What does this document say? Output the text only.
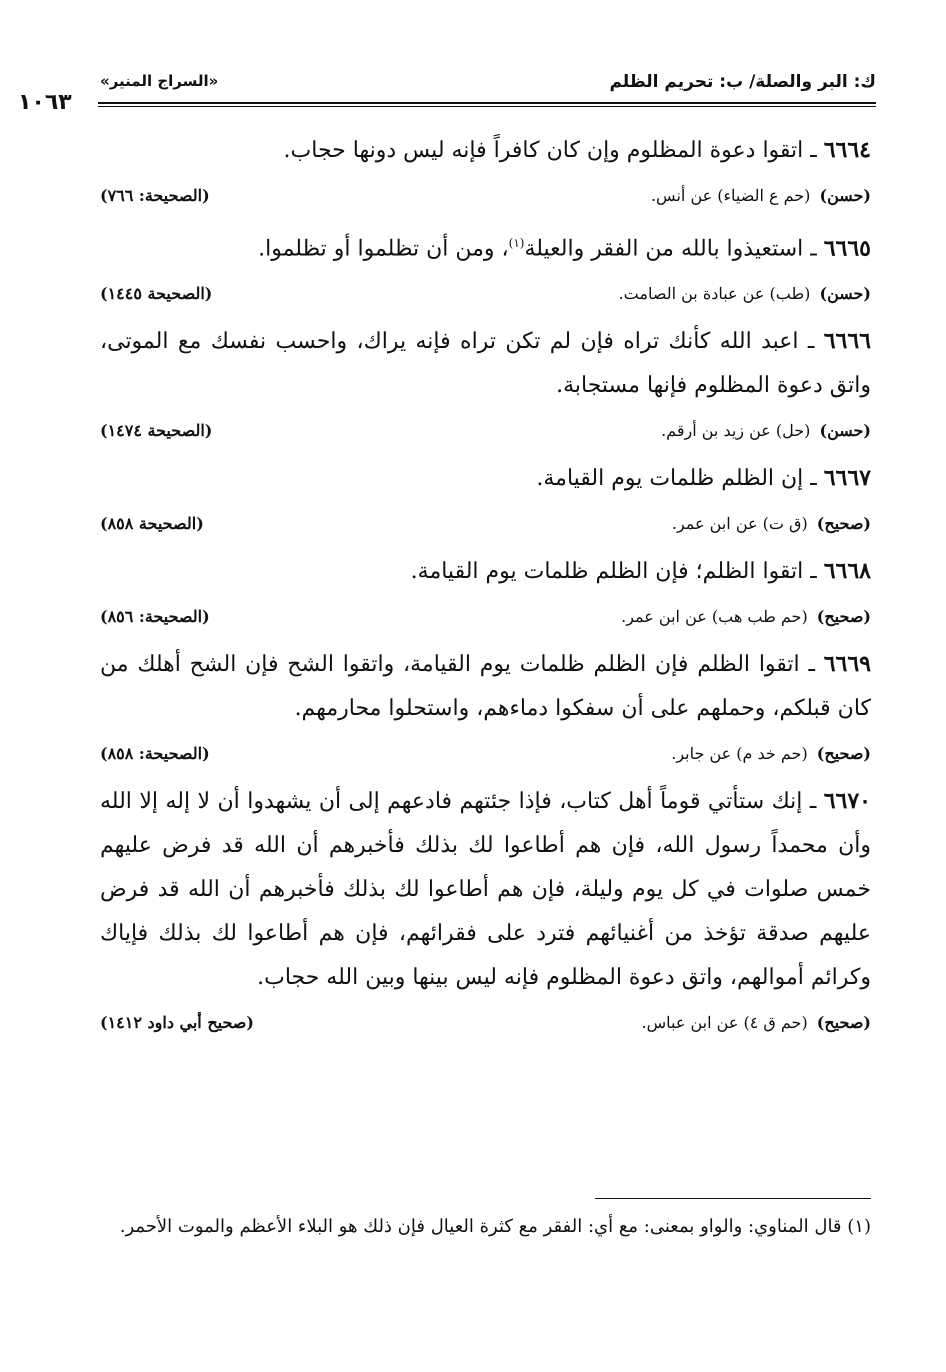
ك: البر والصلة/ ب: تحريم الظلم
«السراج المنير»
١٠٦٣

٦٦٦٤ ـ اتقوا دعوة المظلوم وإن كان كافراً فإنه ليس دونها حجاب.

(حسن) (حم ع الضياء) عن أنس.
(الصحيحة: ٧٦٦)

٦٦٦٥ ـ استعيذوا بالله من الفقر والعيلة$^{(١)}$، ومن أن تظلموا أو تظلموا.

(حسن) (طب) عن عبادة بن الصامت.
(الصحيحة ١٤٤٥)

٦٦٦٦ ـ اعبد الله كأنك تراه فإن لم تكن تراه فإنه يراك، واحسب نفسك مع الموتى، واتق دعوة المظلوم فإنها مستجابة.

(حسن) (حل) عن زيد بن أرقم.
(الصحيحة ١٤٧٤)

٦٦٦٧ ـ إن الظلم ظلمات يوم القيامة.

(صحيح) (ق ت) عن ابن عمر.
(الصحيحة ٨٥٨)

٦٦٦٨ ـ اتقوا الظلم؛ فإن الظلم ظلمات يوم القيامة.

(صحيح) (حم طب هب) عن ابن عمر.
(الصحيحة: ٨٥٦)

٦٦٦٩ ـ اتقوا الظلم فإن الظلم ظلمات يوم القيامة، واتقوا الشح فإن الشح أهلك من كان قبلكم، وحملهم على أن سفكوا دماءهم، واستحلوا محارمهم.

(صحيح) (حم خد م) عن جابر.
(الصحيحة: ٨٥٨)

٦٦٧٠ ـ إنك ستأتي قوماً أهل كتاب، فإذا جئتهم فادعهم إلى أن يشهدوا أن لا إله إلا الله وأن محمداً رسول الله، فإن هم أطاعوا لك بذلك فأخبرهم أن الله قد فرض عليهم خمس صلوات في كل يوم وليلة، فإن هم أطاعوا لك بذلك فأخبرهم أن الله قد فرض عليهم صدقة تؤخذ من أغنيائهم فترد على فقرائهم، فإن هم أطاعوا لك بذلك فإياك وكرائم أموالهم، واتق دعوة المظلوم فإنه ليس بينها وبين الله حجاب.

(صحيح) (حم ق ٤) عن ابن عباس.
(صحيح أبي داود ١٤١٢)
(١) قال المناوي: والواو بمعنى: مع أي: الفقر مع كثرة العيال فإن ذلك هو البلاء الأعظم والموت الأحمر.
